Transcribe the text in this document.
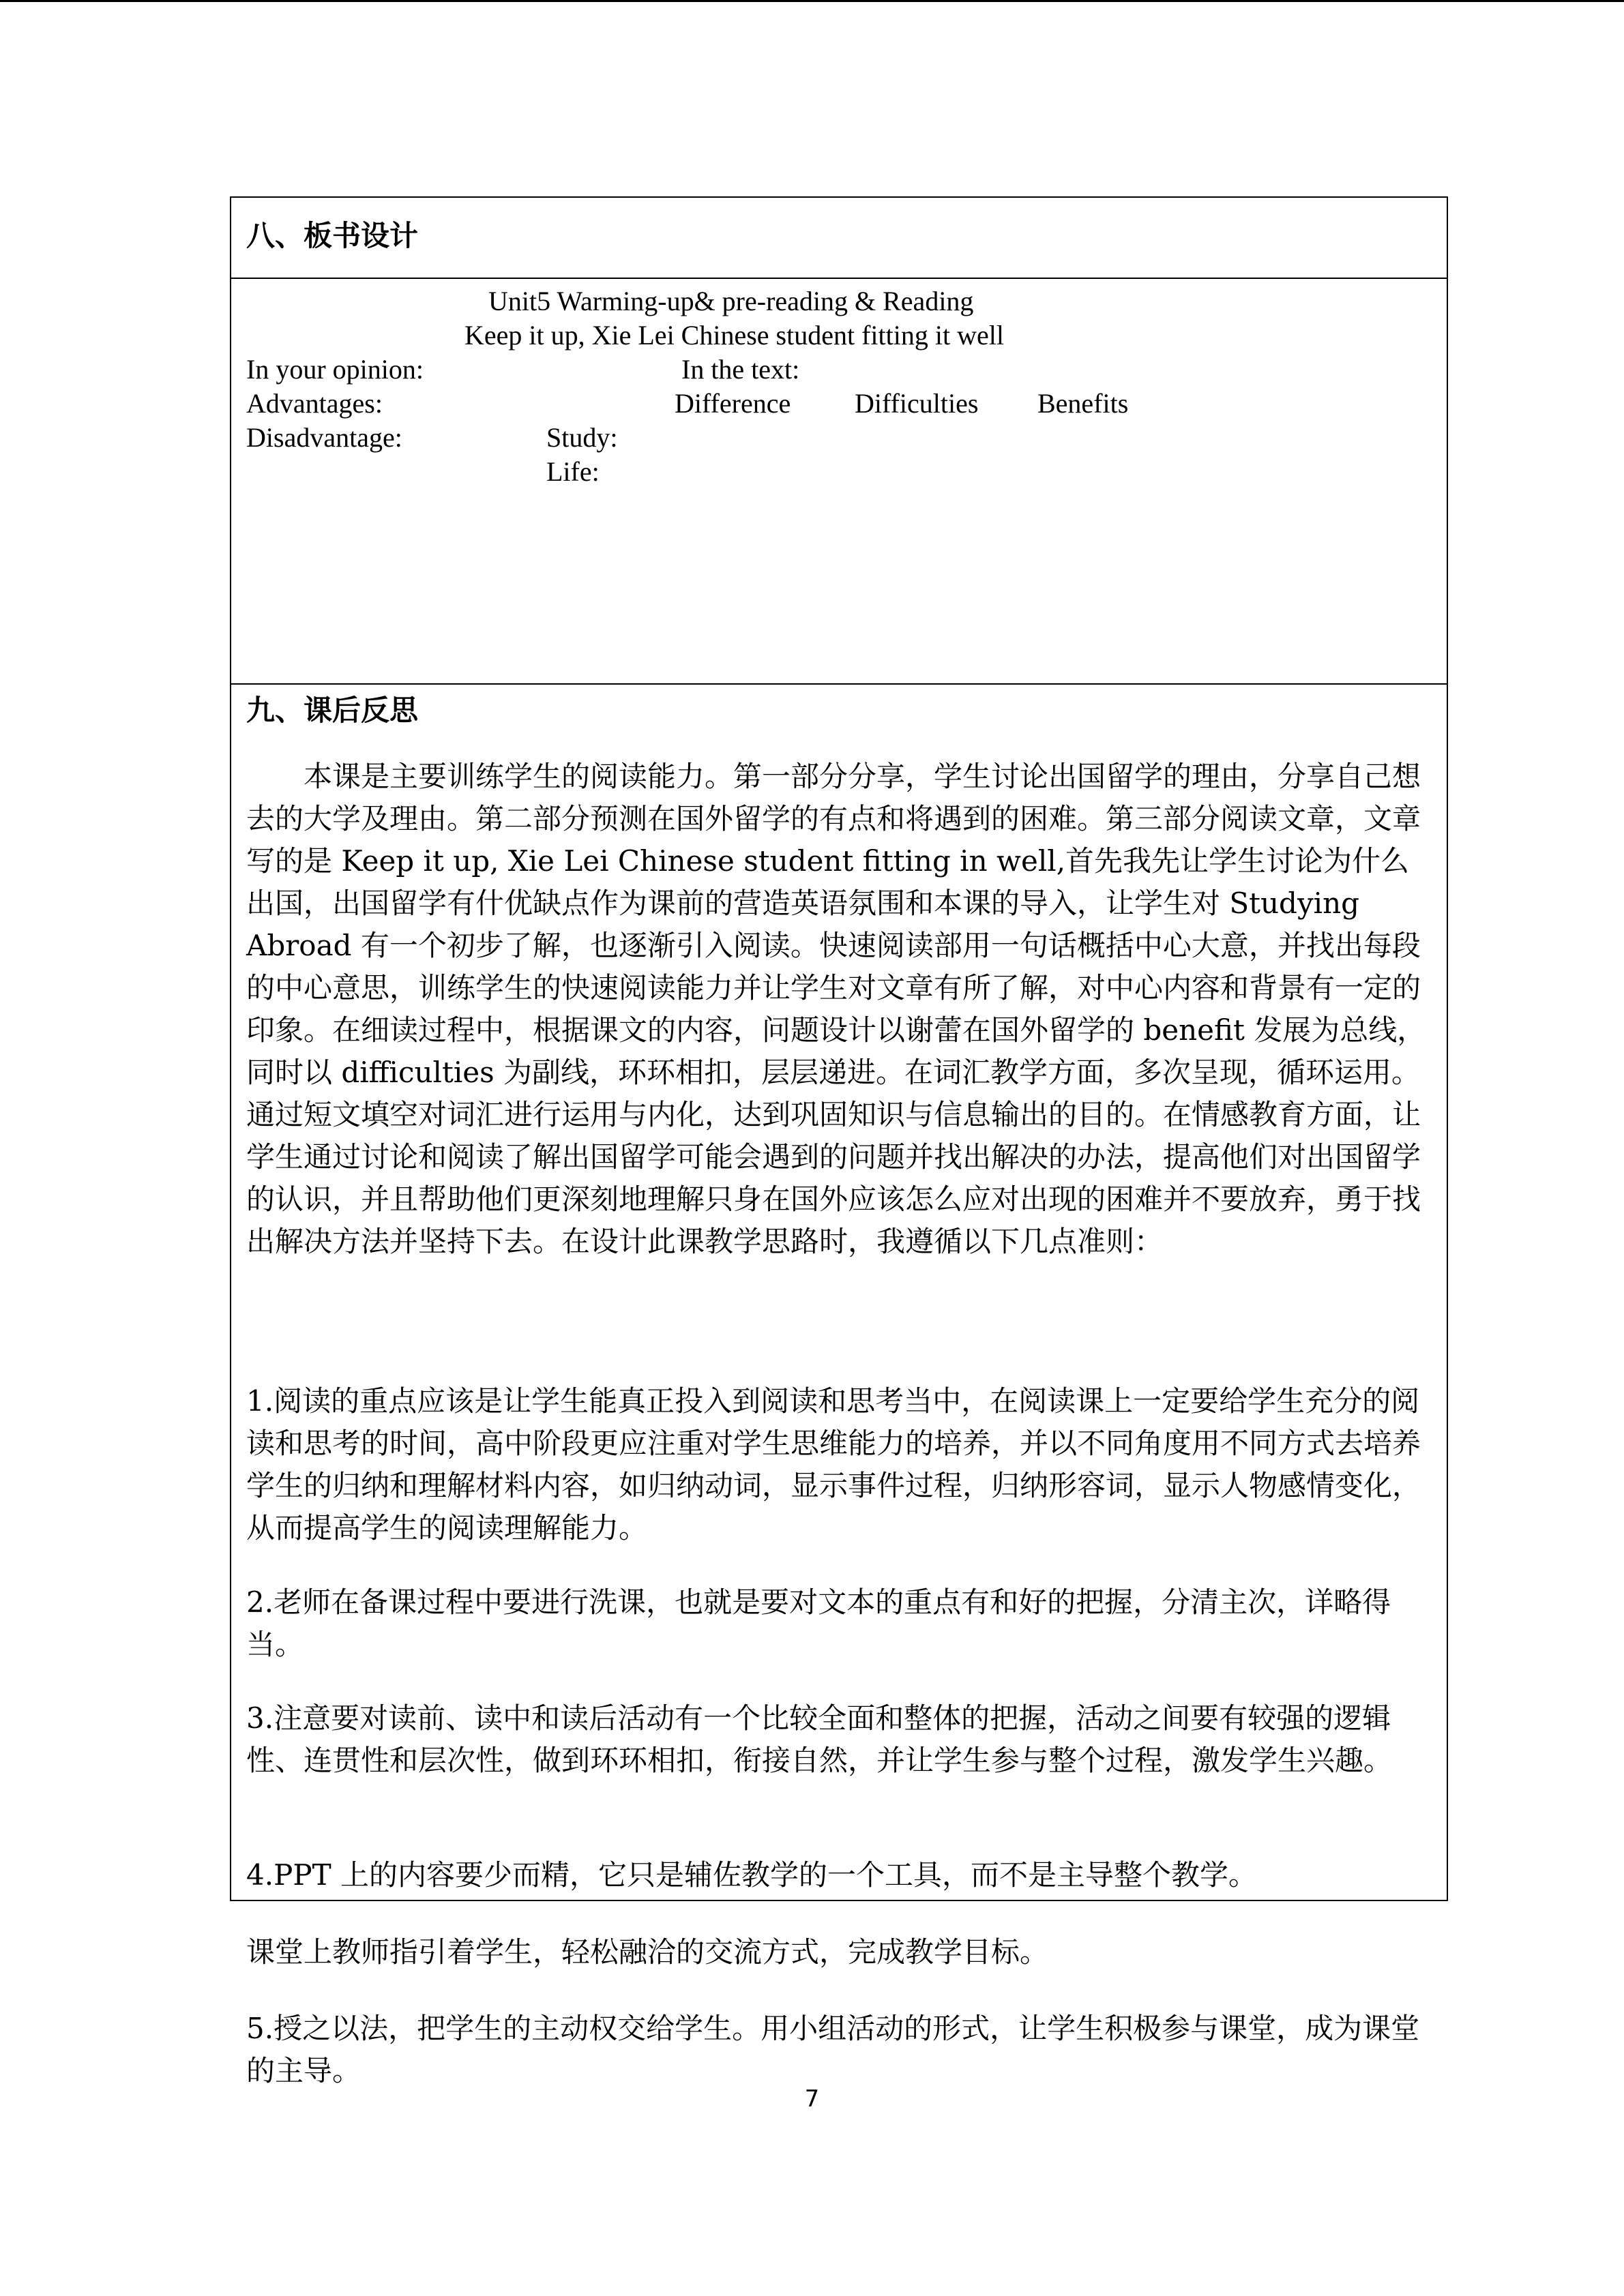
八、板书设计
Unit5 Warming-up& pre-reading & Reading
Keep it up, Xie Lei Chinese student fitting it well
In your opinion:	In the text:
Advantages:	Difference Difficulties Benefits
Disadvantage:	Study:
Life:
九、课后反思

本课是主要训练学生的阅读能力。第一部分分享，学生讨论出国留学的理由，分享自己想去的大学及理由。第二部分预测在国外留学的有点和将遇到的困难。第三部分阅读文章，文章写的是 Keep it up, Xie Lei Chinese student fitting in well,首先我先让学生讨论为什么出国，出国留学有什优缺点作为课前的营造英语氛围和本课的导入，让学生对 Studying Abroad 有一个初步了解，也逐渐引入阅读。快速阅读部用一句话概括中心大意，并找出每段的中心意思，训练学生的快速阅读能力并让学生对文章有所了解，对中心内容和背景有一定的印象。在细读过程中，根据课文的内容，问题设计以谢蕾在国外留学的 benefit 发展为总线，同时以 difficulties 为副线，环环相扣，层层递进。在词汇教学方面，多次呈现，循环运用。通过短文填空对词汇进行运用与内化，达到巩固知识与信息输出的目的。在情感教育方面，让学生通过讨论和阅读了解出国留学可能会遇到的问题并找出解决的办法，提高他们对出国留学的认识，并且帮助他们更深刻地理解只身在国外应该怎么应对出现的困难并不要放弃，勇于找出解决方法并坚持下去。在设计此课教学思路时，我遵循以下几点准则：

1.阅读的重点应该是让学生能真正投入到阅读和思考当中，在阅读课上一定要给学生充分的阅读和思考的时间，高中阶段更应注重对学生思维能力的培养，并以不同角度用不同方式去培养学生的归纳和理解材料内容，如归纳动词，显示事件过程，归纳形容词，显示人物感情变化，从而提高学生的阅读理解能力。

2.老师在备课过程中要进行洗课，也就是要对文本的重点有和好的把握，分清主次，详略得当。

3.注意要对读前、读中和读后活动有一个比较全面和整体的把握，活动之间要有较强的逻辑性、连贯性和层次性，做到环环相扣，衔接自然，并让学生参与整个过程，激发学生兴趣。

4.PPT 上的内容要少而精，它只是辅佐教学的一个工具，而不是主导整个教学。

课堂上教师指引着学生，轻松融洽的交流方式，完成教学目标。

5.授之以法，把学生的主动权交给学生。用小组活动的形式，让学生积极参与课堂，成为课堂的主导。

7
